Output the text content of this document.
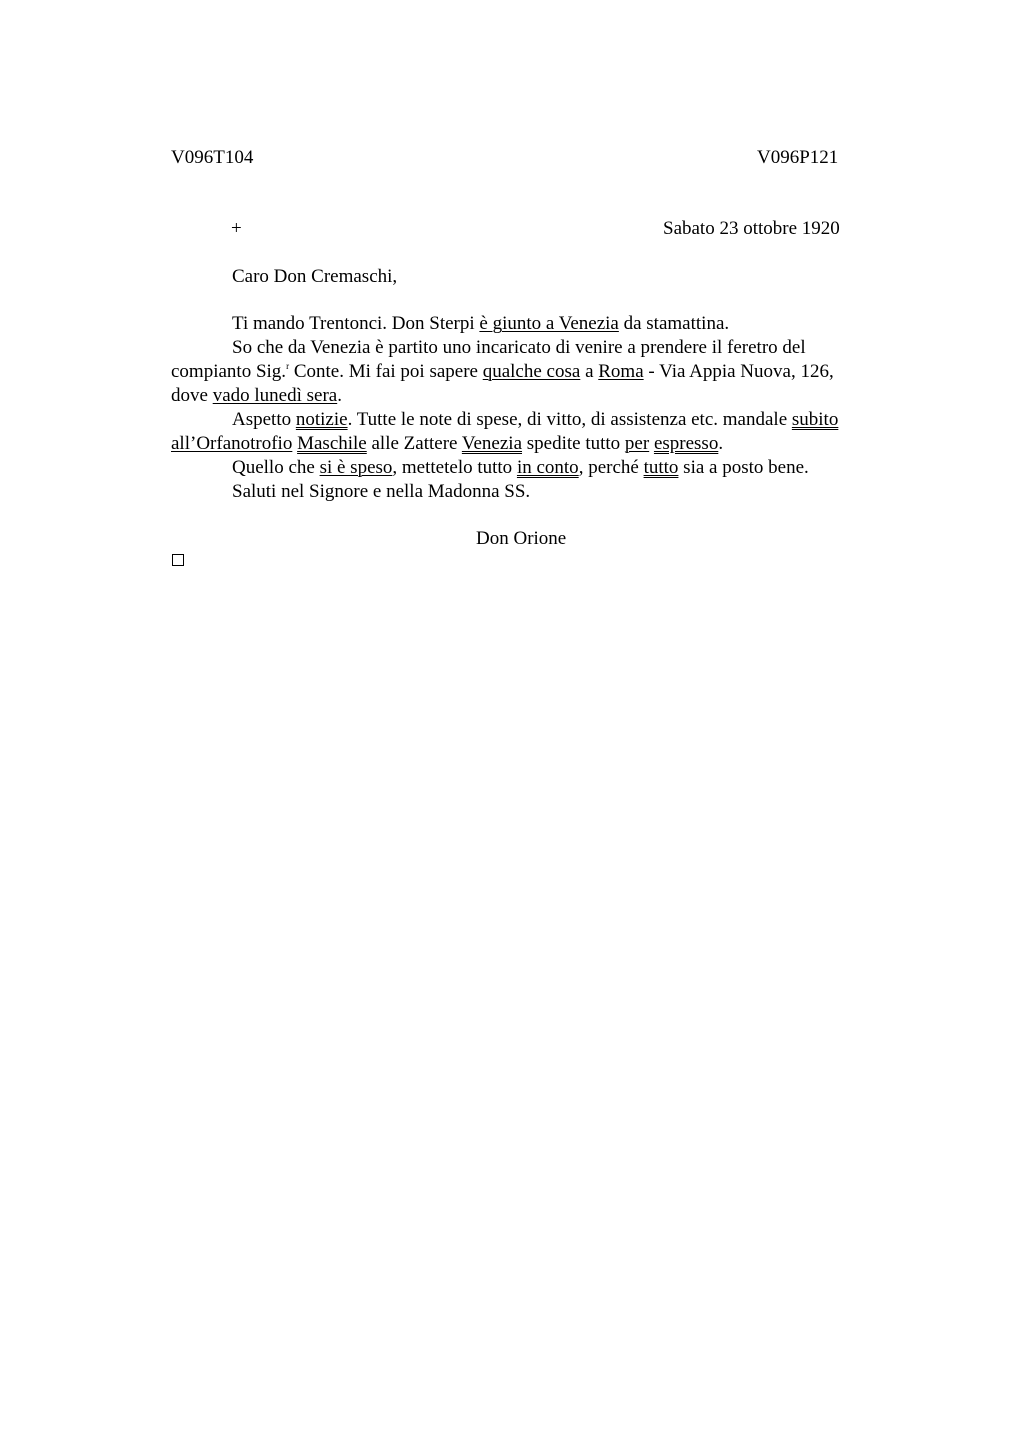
V096T104	V096P121
+	Sabato 23 ottobre 1920
Caro Don Cremaschi,
Ti mando Trentonci. Don Sterpi è giunto a Venezia da stamattina.
So che da Venezia è partito uno incaricato di venire a prendere il feretro del
compianto Sig.$^r$ Conte. Mi fai poi sapere qualche cosa a Roma - Via Appia Nuova, 126,
dove vado lunedì sera.
Aspetto notizie. Tutte le note di spese, di vitto, di assistenza etc. mandale subito
all’Orfanotrofio Maschile alle Zattere Venezia spedite tutto per espresso.
Quello che si è speso, mettetelo tutto in conto, perché tutto sia a posto bene.
Saluti nel Signore e nella Madonna SS.
Don Orione
